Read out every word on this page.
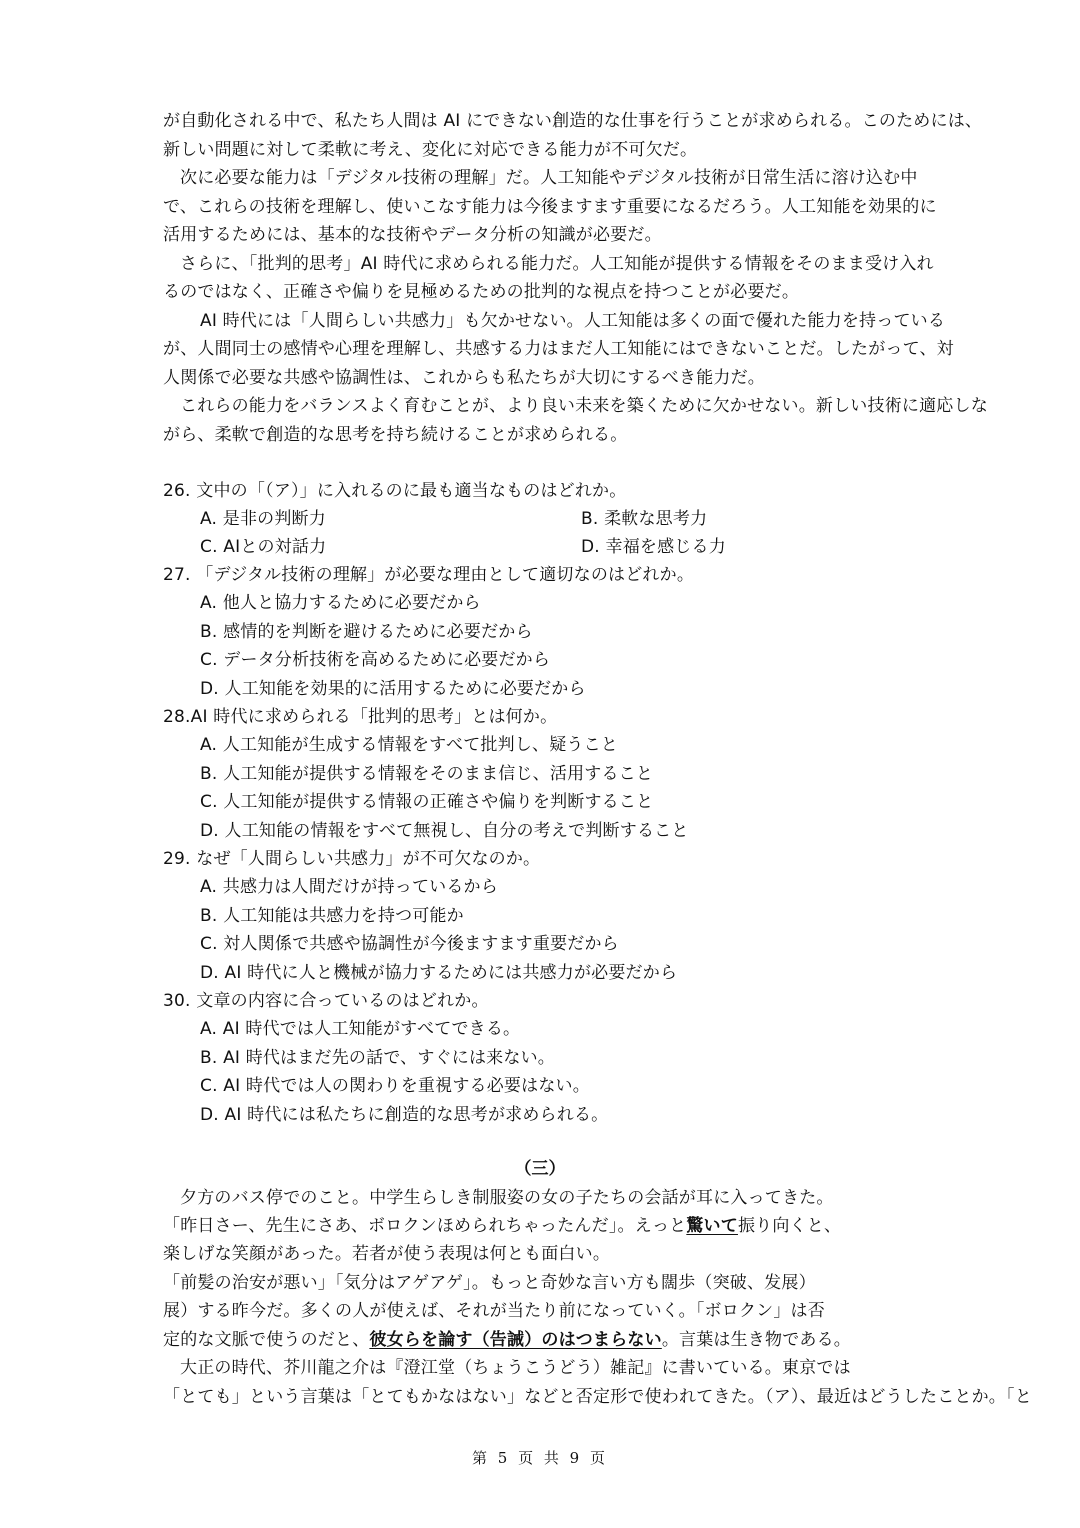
が自動化される中で、私たち人間は AI にできない創造的な仕事を行うことが求められる。このためには、
新しい問題に対して柔軟に考え、変化に対応できる能力が不可欠だ。
次に必要な能力は「デジタル技術の理解」だ。人工知能やデジタル技術が日常生活に溶け込む中
で、これらの技術を理解し、使いこなす能力は今後ますます重要になるだろう。人工知能を効果的に
活用するためには、基本的な技術やデータ分析の知識が必要だ。
さらに、「批判的思考」AI 時代に求められる能力だ。人工知能が提供する情報をそのまま受け入れ
るのではなく、正確さや偏りを見極めるための批判的な視点を持つことが必要だ。
AI 時代には「人間らしい共感力」も欠かせない。人工知能は多くの面で優れた能力を持っている
が、人間同士の感情や心理を理解し、共感する力はまだ人工知能にはできないことだ。したがって、対
人関係で必要な共感や協調性は、これからも私たちが大切にするべき能力だ。
これらの能力をバランスよく育むことが、より良い未来を築くために欠かせない。新しい技術に適応しな
がら、柔軟で創造的な思考を持ち続けることが求められる。
26. 文中の「（ア）」に入れるのに最も適当なものはどれか。
A. 是非の判断力	B. 柔軟な思考力
C. AIとの対話力	D. 幸福を感じる力
27. 「デジタル技術の理解」が必要な理由として適切なのはどれか。
A. 他人と協力するために必要だから
B. 感情的を判断を避けるために必要だから
C. データ分析技術を高めるために必要だから
D. 人工知能を効果的に活用するために必要だから
28.AI 時代に求められる「批判的思考」とは何か。
A. 人工知能が生成する情報をすべて批判し、疑うこと
B. 人工知能が提供する情報をそのまま信じ、活用すること
C. 人工知能が提供する情報の正確さや偏りを判断すること
D. 人工知能の情報をすべて無視し、自分の考えで判断すること
29. なぜ「人間らしい共感力」が不可欠なのか。
A. 共感力は人間だけが持っているから
B. 人工知能は共感力を持つ可能か
C. 対人関係で共感や協調性が今後ますます重要だから
D. AI 時代に人と機械が協力するためには共感力が必要だから
30. 文章の内容に合っているのはどれか。
A. AI 時代では人工知能がすべてできる。
B. AI 時代はまだ先の話で、すぐには来ない。
C. AI 時代では人の関わりを重視する必要はない。
D. AI 時代には私たちに創造的な思考が求められる。
（三）
夕方のバス停でのこと。中学生らしき制服姿の女の子たちの会話が耳に入ってきた。
「昨日さー、先生にさあ、ボロクンほめられちゃったんだ」。えっと驚いて振り向くと、
楽しげな笑顔があった。若者が使う表現は何とも面白い。
「前髪の治安が悪い」「気分はアゲアゲ」。もっと奇妙な言い方も闊歩（突破、发展）
展）する昨今だ。多くの人が使えば、それが当たり前になっていく。「ボロクン」は否
定的な文脈で使うのだと、彼女らを論す（告誡）のはつまらない。言葉は生き物である。
大正の時代、芥川龍之介は『澄江堂（ちょうこうどう）雑記』に書いている。東京では
「とても」という言葉は「とてもかなはない」などと否定形で使われてきた。（ア）、最近はどうしたことか。「と
第 5 页 共 9 页
